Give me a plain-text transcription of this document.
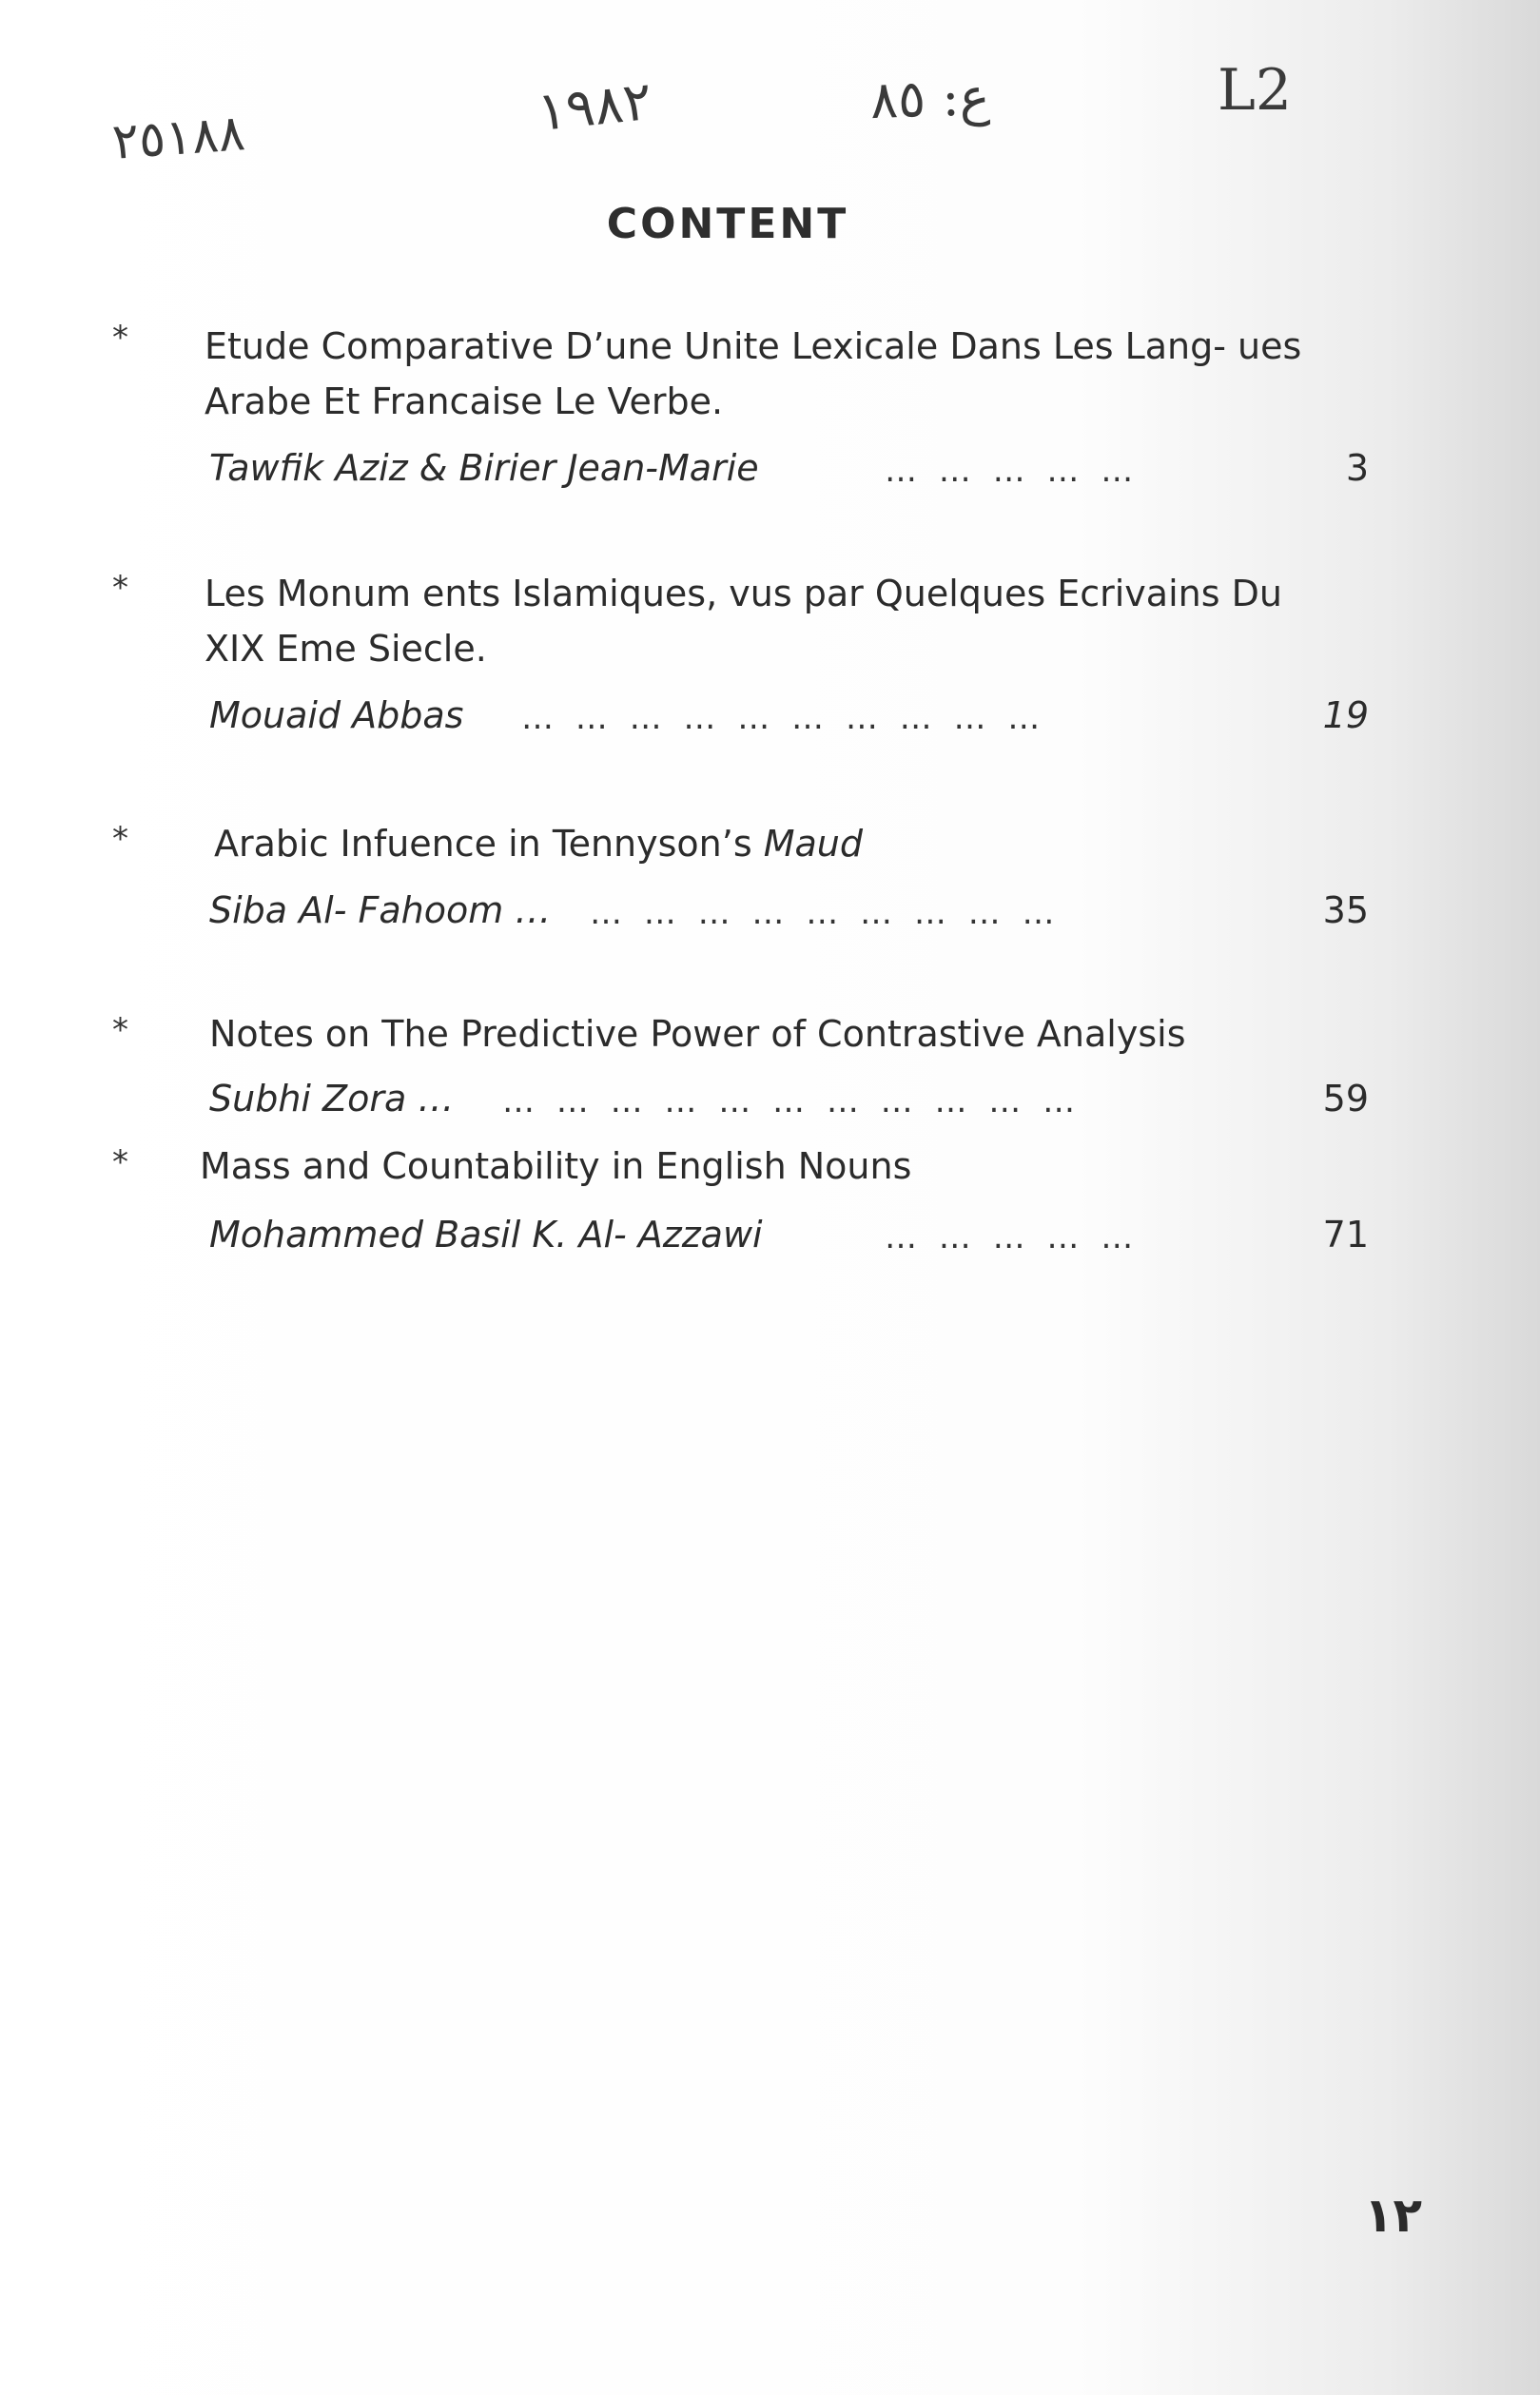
٢٥١٨٨	١٩٨٢	ع: ٨٥	L2
CONTENT
* Etude Comparative D’une Unite Lexicale Dans Les Lang- ues Arabe Et Francaise Le Verbe.
Tawfik Aziz & Birier Jean-Marie	… … … … …	3
* Les Monum ents Islamiques, vus par Quelques Ecrivains Du XIX Eme Siecle.
Mouaid Abbas … … … … … … … … … …	19
* Arabic Infuence in Tennyson’s Maud
Siba Al- Fahoom … … … … … … … … … …	35
* Notes on The Predictive Power of Contrastive Analysis
Subhi Zora … … … … … … … … … … … …	59
* Mass and Countability in English Nouns
Mohammed Basil K. Al- Azzawi	… … … … …	71
١٢
